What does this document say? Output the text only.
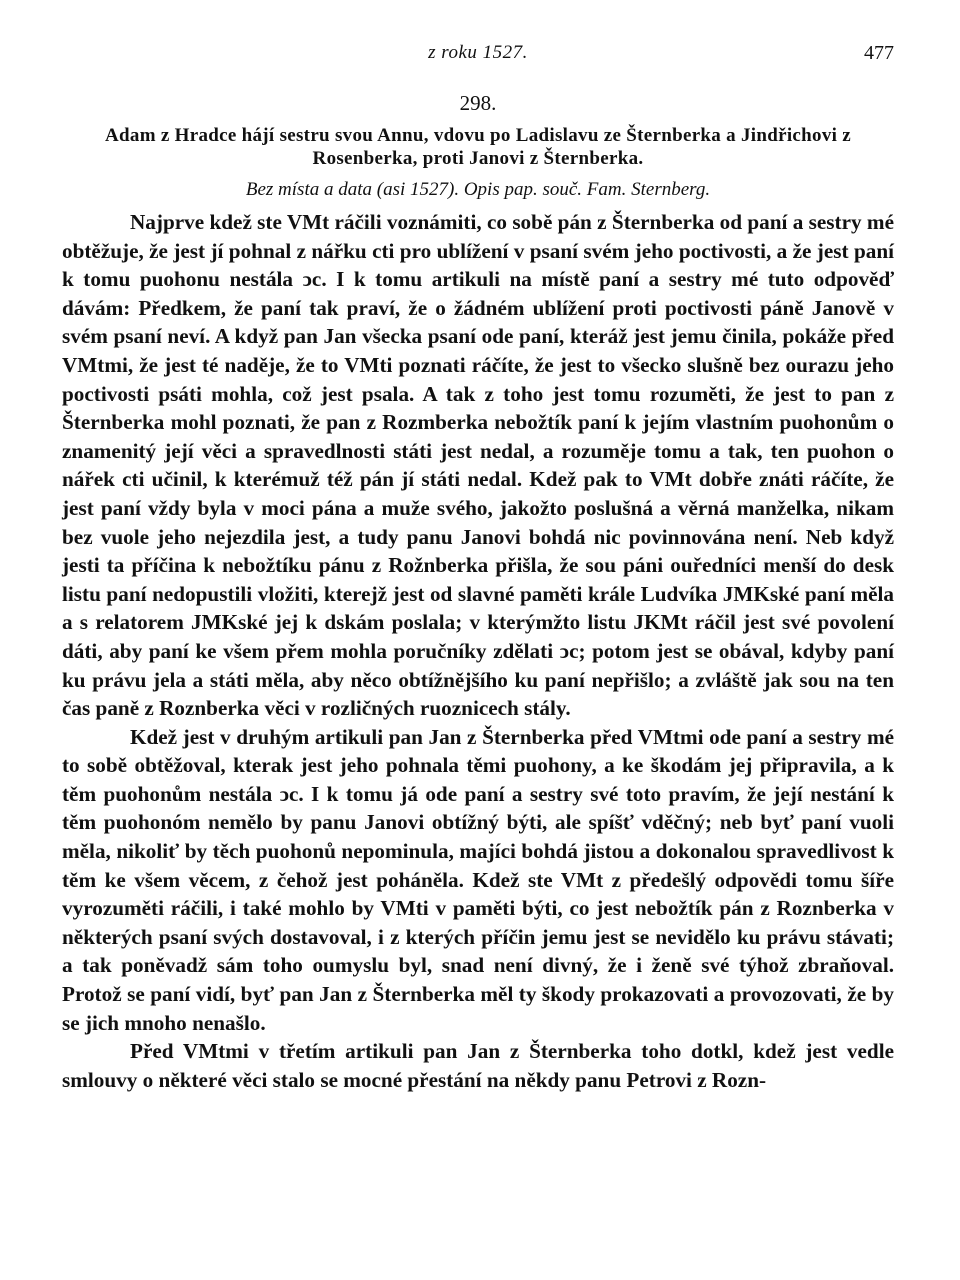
z roku 1527.	477
298.
Adam z Hradce hájí sestru svou Annu, vdovu po Ladislavu ze Šternberka a Jindřichovi z Rosenberka, proti Janovi z Šternberka.
Bez místa a data (asi 1527). Opis pap. souč. Fam. Sternberg.

Najprve kdež ste VMt ráčili voznámiti, co sobě pán z Šternberka od paní a sestry mé obtěžuje, že jest jí pohnal z nářku cti pro ublížení v psaní svém jeho poctivosti, a že jest paní k tomu puohonu nestála ͻc. I k tomu artikuli na místě paní a sestry mé tuto odpověď dávám: Předkem, že paní tak praví, že o žádném ublížení proti poctivosti páně Janově v svém psaní neví. A když pan Jan všecka psaní ode paní, kteráž jest jemu činila, pokáže před VMtmi, že jest té naděje, že to VMti poznati ráčíte, že jest to všecko slušně bez ourazu jeho poctivosti psáti mohla, což jest psala. A tak z toho jest tomu rozuměti, že jest to pan z Šternberka mohl poznati, že pan z Rozmberka nebožtík paní k jejím vlastním puohonům o znamenitý její věci a spravedlnosti státi jest nedal, a rozuměje tomu a tak, ten puohon o nářek cti učinil, k kterémuž též pán jí státi nedal. Kdež pak to VMt dobře znáti ráčíte, že jest paní vždy byla v moci pána a muže svého, jakožto poslušná a věrná manželka, nikam bez vuole jeho nejezdila jest, a tudy panu Janovi bohdá nic povinnována není. Neb když jesti ta příčina k nebožtíku pánu z Rožnberka přišla, že sou páni ouředníci menší do desk listu paní nedopustili vložiti, kterejž jest od slavné paměti krále Ludvíka JMKské paní měla a s relatorem JMKské jej k dskám poslala; v kterýmžto listu JKMt ráčil jest své povolení dáti, aby paní ke všem přem mohla poručníky zdělati ͻc; potom jest se obával, kdyby paní ku právu jela a státi měla, aby něco obtížnějšího ku paní nepřišlo; a zvláště jak sou na ten čas paně z Roznberka věci v rozličných ruoznicech stály.

Kdež jest v druhým artikuli pan Jan z Šternberka před VMtmi ode paní a sestry mé to sobě obtěžoval, kterak jest jeho pohnala těmi puohony, a ke škodám jej připravila, a k těm puohonům nestála ͻc. I k tomu já ode paní a sestry své toto pravím, že její nestání k těm puohonóm nemělo by panu Janovi obtížný býti, ale spíšť vděčný; neb byť paní vuoli měla, nikoliť by těch puohonů nepominula, majíci bohdá jistou a dokonalou spravedlivost k těm ke všem věcem, z čehož jest poháněla. Kdež ste VMt z předešlý odpovědi tomu šíře vyrozuměti ráčili, i také mohlo by VMti v paměti býti, co jest nebožtík pán z Roznberka v některých psaní svých dostavoval, i z kterých příčin jemu jest se nevidělo ku právu stávati; a tak poněvadž sám toho oumyslu byl, snad není divný, že i ženě své týhož zbraňoval. Protož se paní vidí, byť pan Jan z Šternberka měl ty škody prokazovati a provozovati, že by se jich mnoho nenašlo.

Před VMtmi v třetím artikuli pan Jan z Šternberka toho dotkl, kdež jest vedle smlouvy o některé věci stalo se mocné přestání na někdy panu Petrovi z Rozn-
